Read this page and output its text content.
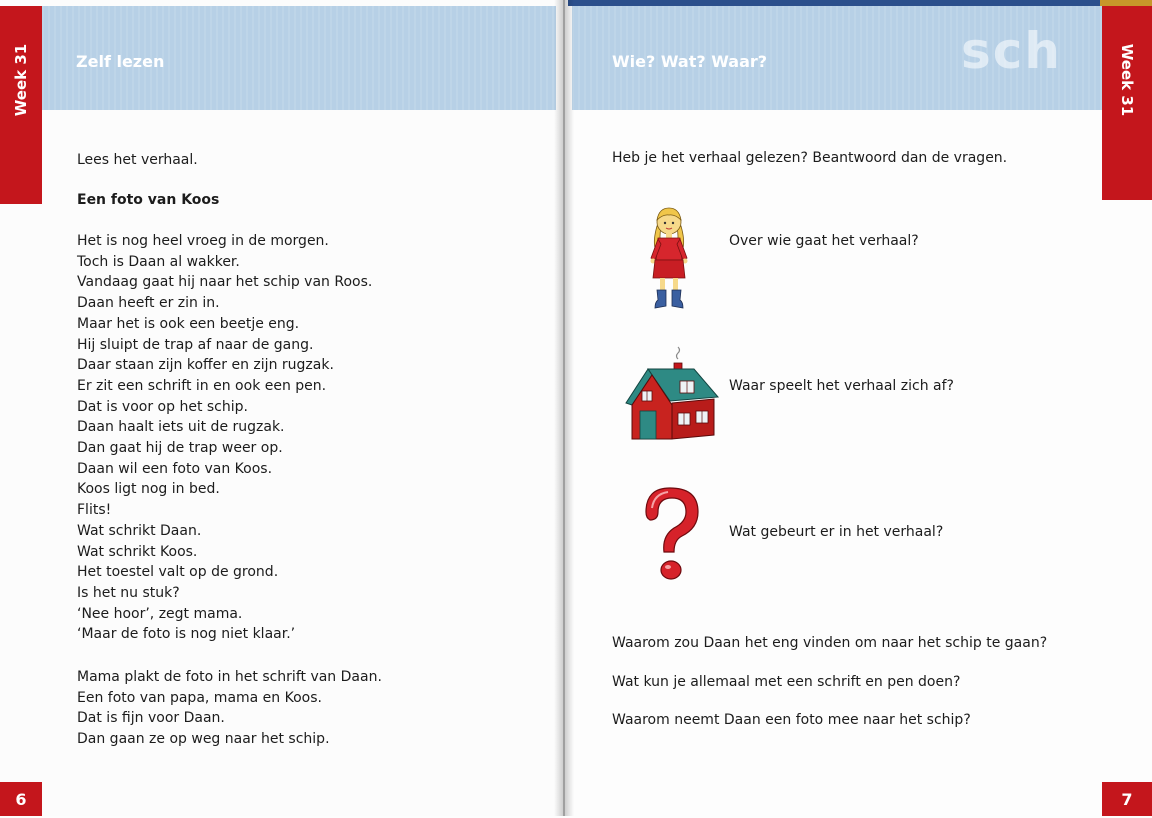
Zelf lezen
Week 31
Lees het verhaal.
Een foto van Koos
Het is nog heel vroeg in de morgen.
Toch is Daan al wakker.
Vandaag gaat hij naar het schip van Roos.
Daan heeft er zin in.
Maar het is ook een beetje eng.
Hij sluipt de trap af naar de gang.
Daar staan zijn koffer en zijn rugzak.
Er zit een schrift in en ook een pen.
Dat is voor op het schip.
Daan haalt iets uit de rugzak.
Dan gaat hij de trap weer op.
Daan wil een foto van Koos.
Koos ligt nog in bed.
Flits!
Wat schrikt Daan.
Wat schrikt Koos.
Het toestel valt op de grond.
Is het nu stuk?
‘Nee hoor’, zegt mama.
‘Maar de foto is nog niet klaar.’
Mama plakt de foto in het schrift van Daan.
Een foto van papa, mama en Koos.
Dat is fijn voor Daan.
Dan gaan ze op weg naar het schip.
6
Wie? Wat? Waar?	sch	Week 31
Heb je het verhaal gelezen? Beantwoord dan de vragen.
Over wie gaat het verhaal?
Waar speelt het verhaal zich af?
Wat gebeurt er in het verhaal?
Waarom zou Daan het eng vinden om naar het schip te gaan?
Wat kun je allemaal met een schrift en pen doen?
Waarom neemt Daan een foto mee naar het schip?
7
